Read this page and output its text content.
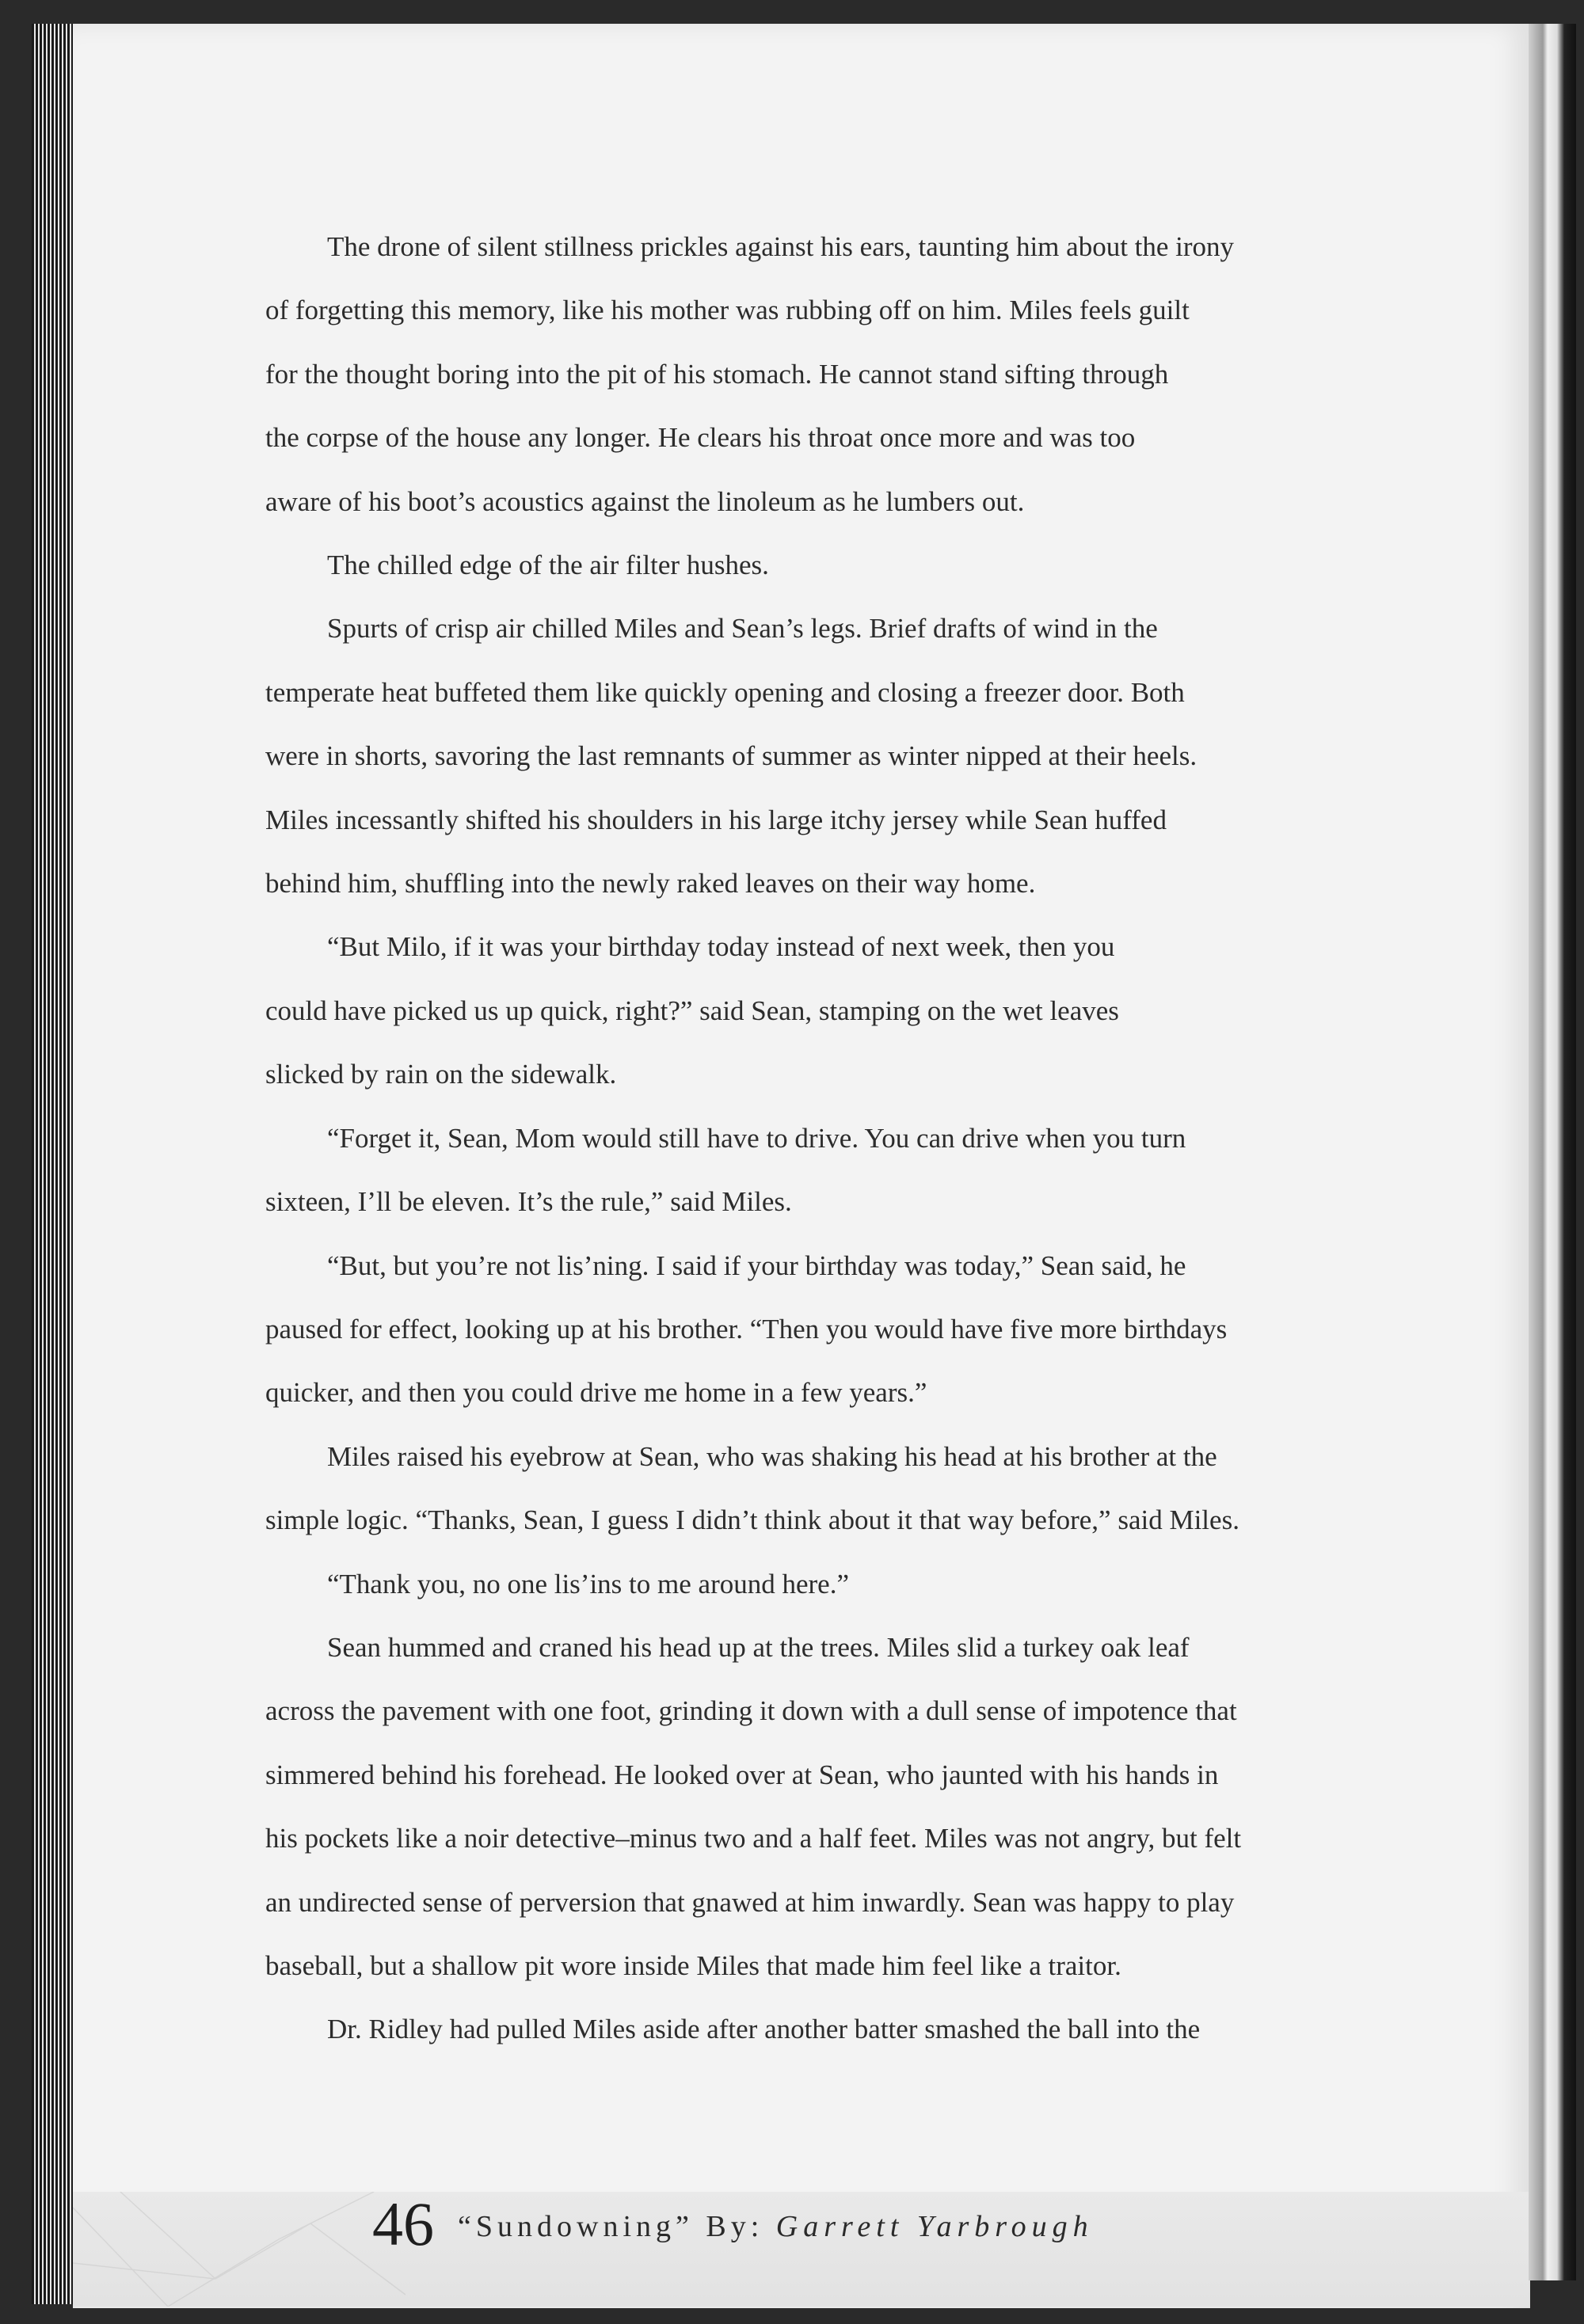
The drone of silent stillness prickles against his ears, taunting him about the irony

of forgetting this memory, like his mother was rubbing off on him. Miles feels guilt

for the thought boring into the pit of his stomach. He cannot stand sifting through

the corpse of the house any longer. He clears his throat once more and was too

aware of his boot’s acoustics against the linoleum as he lumbers out.

The chilled edge of the air filter hushes.

Spurts of crisp air chilled Miles and Sean’s legs. Brief drafts of wind in the

temperate heat buffeted them like quickly opening and closing a freezer door. Both

were in shorts, savoring the last remnants of summer as winter nipped at their heels.

Miles incessantly shifted his shoulders in his large itchy jersey while Sean huffed

behind him, shuffling into the newly raked leaves on their way home.

“But Milo, if it was your birthday today instead of next week, then you

could have picked us up quick, right?” said Sean, stamping on the wet leaves

slicked by rain on the sidewalk.

“Forget it, Sean, Mom would still have to drive. You can drive when you turn

sixteen, I’ll be eleven. It’s the rule,” said Miles.

“But, but you’re not lis’ning. I said if your birthday was today,” Sean said, he

paused for effect, looking up at his brother. “Then you would have five more birthdays

quicker, and then you could drive me home in a few years.”

Miles raised his eyebrow at Sean, who was shaking his head at his brother at the

simple logic. “Thanks, Sean, I guess I didn’t think about it that way before,” said Miles.

“Thank you, no one lis’ins to me around here.”

Sean hummed and craned his head up at the trees. Miles slid a turkey oak leaf

across the pavement with one foot, grinding it down with a dull sense of impotence that

simmered behind his forehead. He looked over at Sean, who jaunted with his hands in

his pockets like a noir detective–minus two and a half feet. Miles was not angry, but felt

an undirected sense of perversion that gnawed at him inwardly. Sean was happy to play

baseball, but a shallow pit wore inside Miles that made him feel like a traitor.

Dr. Ridley had pulled Miles aside after another batter smashed the ball into the

46 “Sundowning” By: Garrett Yarbrough
